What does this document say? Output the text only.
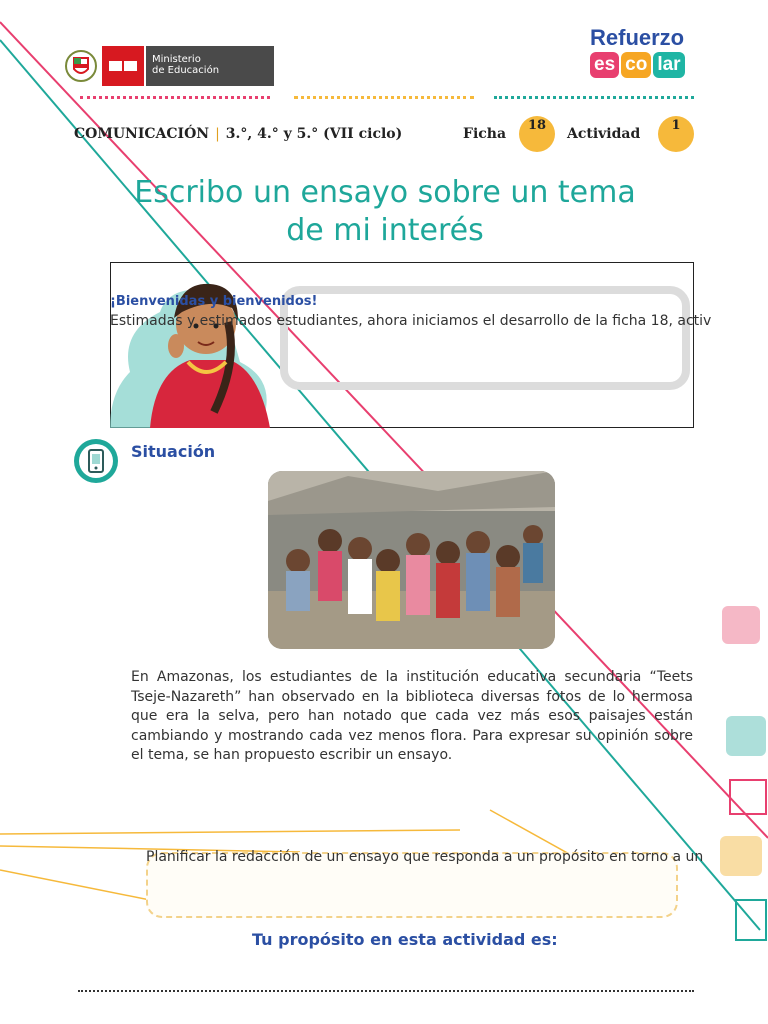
Ministerio
de Educación
Refuerzo
es co lar
COMUNICACIÓN | 3.°, 4.° y 5.° (VII ciclo)	Ficha
18
Actividad
1
Escribo un ensayo sobre un tema
de mi interés
¡Bienvenidas y bienvenidos!
Estimadas y estimados estudiantes, ahora iniciamos el desarrollo de la ficha 18, activ
Situación
En Amazonas, los estudiantes de la institución educativa secundaria “Teets Tseje-Nazareth” han observado en la biblioteca diversas fotos de lo hermosa que era la selva, pero han notado que cada vez más esos paisajes están cambiando y mostrando cada vez menos flora. Para expresar su opinión sobre el tema, se han propuesto escribir un ensayo.
Planificar la redacción de un ensayo que responda a un propósito en torno a un
Tu propósito en esta actividad es:
